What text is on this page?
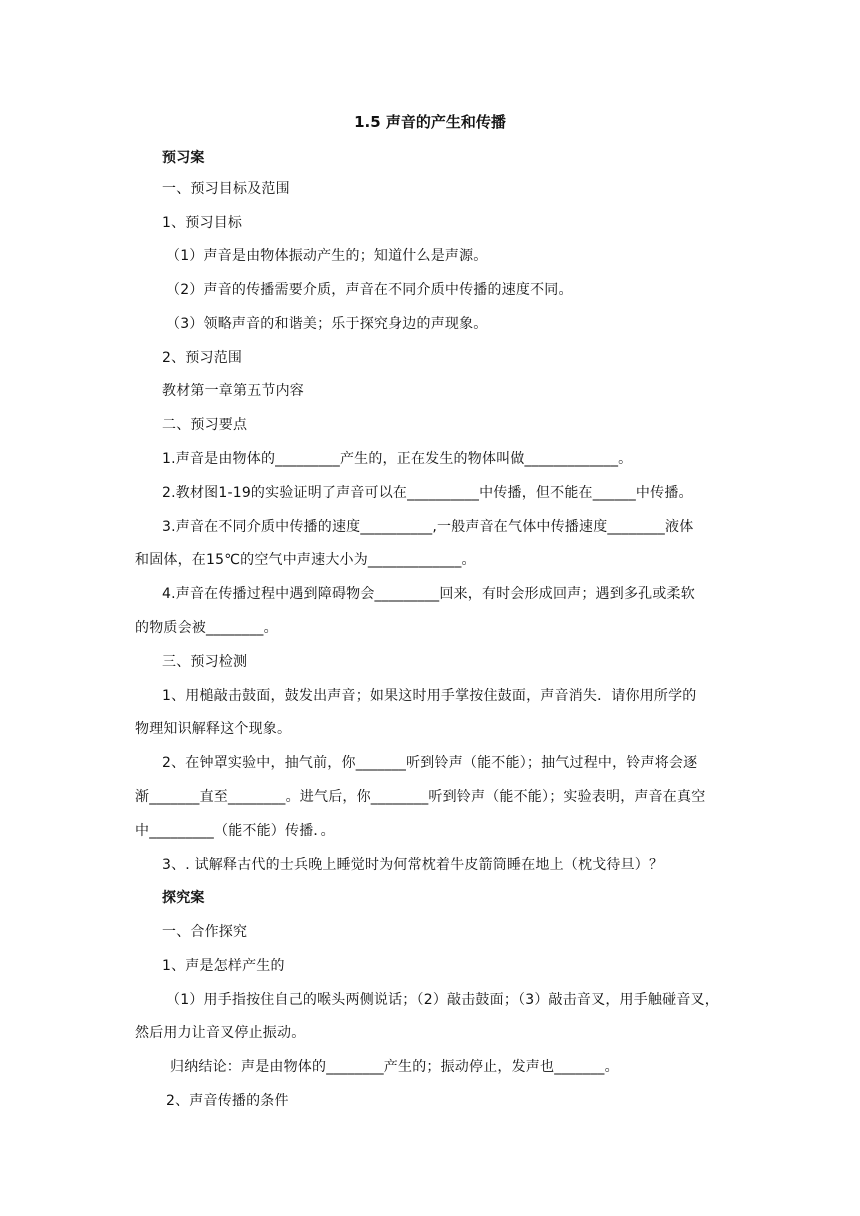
1.5 声音的产生和传播
预习案
一、预习目标及范围
1、预习目标
（1）声音是由物体振动产生的；知道什么是声源。
（2）声音的传播需要介质，声音在不同介质中传播的速度不同。
（3）领略声音的和谐美；乐于探究身边的声现象。
2、预习范围
教材第一章第五节内容
二、预习要点
1.声音是由物体的_________产生的，正在发生的物体叫做_____________。
2.教材图1-19的实验证明了声音可以在__________中传播，但不能在______中传播。
3.声音在不同介质中传播的速度__________,一般声音在气体中传播速度________液体
和固体，在15℃的空气中声速大小为_____________。
4.声音在传播过程中遇到障碍物会_________回来，有时会形成回声；遇到多孔或柔软
的物质会被________。
三、预习检测
1、用槌敲击鼓面，鼓发出声音；如果这时用手掌按住鼓面，声音消失．请你用所学的
物理知识解释这个现象。
2、在钟罩实验中，抽气前，你_______听到铃声（能不能）；抽气过程中，铃声将会逐
渐_______直至________。进气后，你________听到铃声（能不能）；实验表明，声音在真空
中_________（能不能）传播．。
3、. 试解释古代的士兵晚上睡觉时为何常枕着牛皮箭筒睡在地上（枕戈待旦）？
探究案
一、合作探究
1、声是怎样产生的
（1）用手指按住自己的喉头两侧说话；（2）敲击鼓面；（3）敲击音叉，用手触碰音叉，
然后用力让音叉停止振动。
归纳结论：声是由物体的________产生的；振动停止，发声也_______。
2、声音传播的条件
